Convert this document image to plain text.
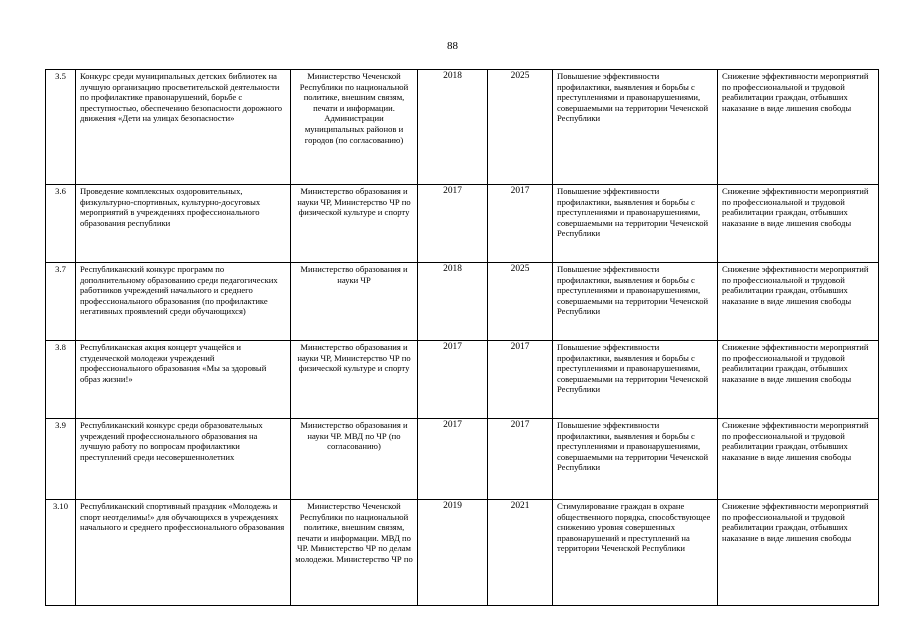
88
3.5	Конкурс среди муниципальных детских библиотек на лучшую организацию просветительской деятельности по профилактике правонарушений, борьбе с преступностью, обеспечению безопасности дорожного движения «Дети на улицах безопасности»	Министерство Чеченской Республики по национальной политике, внешним связям, печати и информации. Администрации муниципальных районов и городов (по согласованию)	2018	2025	Повышение эффективности профилактики, выявления и борьбы с преступлениями и правонарушениями, совершаемыми на территории Чеченской Республики	Снижение эффективности мероприятий по профессиональной и трудовой реабилитации граждан, отбывших наказание в виде лишения свободы
3.6	Проведение комплексных оздоровительных, физкультурно-спортивных, культурно-досуговых мероприятий в учреждениях профессионального образования республики	Министерство образования и науки ЧР, Министерство ЧР по физической культуре и спорту	2017	2017	Повышение эффективности профилактики, выявления и борьбы с преступлениями и правонарушениями, совершаемыми на территории Чеченской Республики	Снижение эффективности мероприятий по профессиональной и трудовой реабилитации граждан, отбывших наказание в виде лишения свободы
3.7	Республиканский конкурс программ по дополнительному образованию среди педагогических работников учреждений начального и среднего профессионального образования (по профилактике негативных проявлений среди обучающихся)	Министерство образования и науки ЧР	2018	2025	Повышение эффективности профилактики, выявления и борьбы с преступлениями и правонарушениями, совершаемыми на территории Чеченской Республики	Снижение эффективности мероприятий по профессиональной и трудовой реабилитации граждан, отбывших наказание в виде лишения свободы
3.8	Республиканская акция концерт учащейся и студенческой молодежи учреждений профессионального образования «Мы за здоровый образ жизни!»	Министерство образования и науки ЧР, Министерство ЧР по физической культуре и спорту	2017	2017	Повышение эффективности профилактики, выявления и борьбы с преступлениями и правонарушениями, совершаемыми на территории Чеченской Республики	Снижение эффективности мероприятий по профессиональной и трудовой реабилитации граждан, отбывших наказание в виде лишения свободы
3.9	Республиканский конкурс среди образовательных учреждений профессионального образования на лучшую работу по вопросам профилактики преступлений среди несовершеннолетних	Министерство образования и науки ЧР. МВД по ЧР (по согласованию)	2017	2017	Повышение эффективности профилактики, выявления и борьбы с преступлениями и правонарушениями, совершаемыми на территории Чеченской Республики	Снижение эффективности мероприятий по профессиональной и трудовой реабилитации граждан, отбывших наказание в виде лишения свободы
3.10	Республиканский спортивный праздник «Молодежь и спорт неотделимы!» для обучающихся в учреждениях начального и среднего профессионального образования	Министерство Чеченской Республики по национальной политике, внешним связям, печати и информации. МВД по ЧР. Министерство ЧР по делам молодежи. Министерство ЧР по	2019	2021	Стимулирование граждан в охране общественного порядка, способствующее снижению уровня совершенных правонарушений и преступлений на территории Чеченской Республики	Снижение эффективности мероприятий по профессиональной и трудовой реабилитации граждан, отбывших наказание в виде лишения свободы
